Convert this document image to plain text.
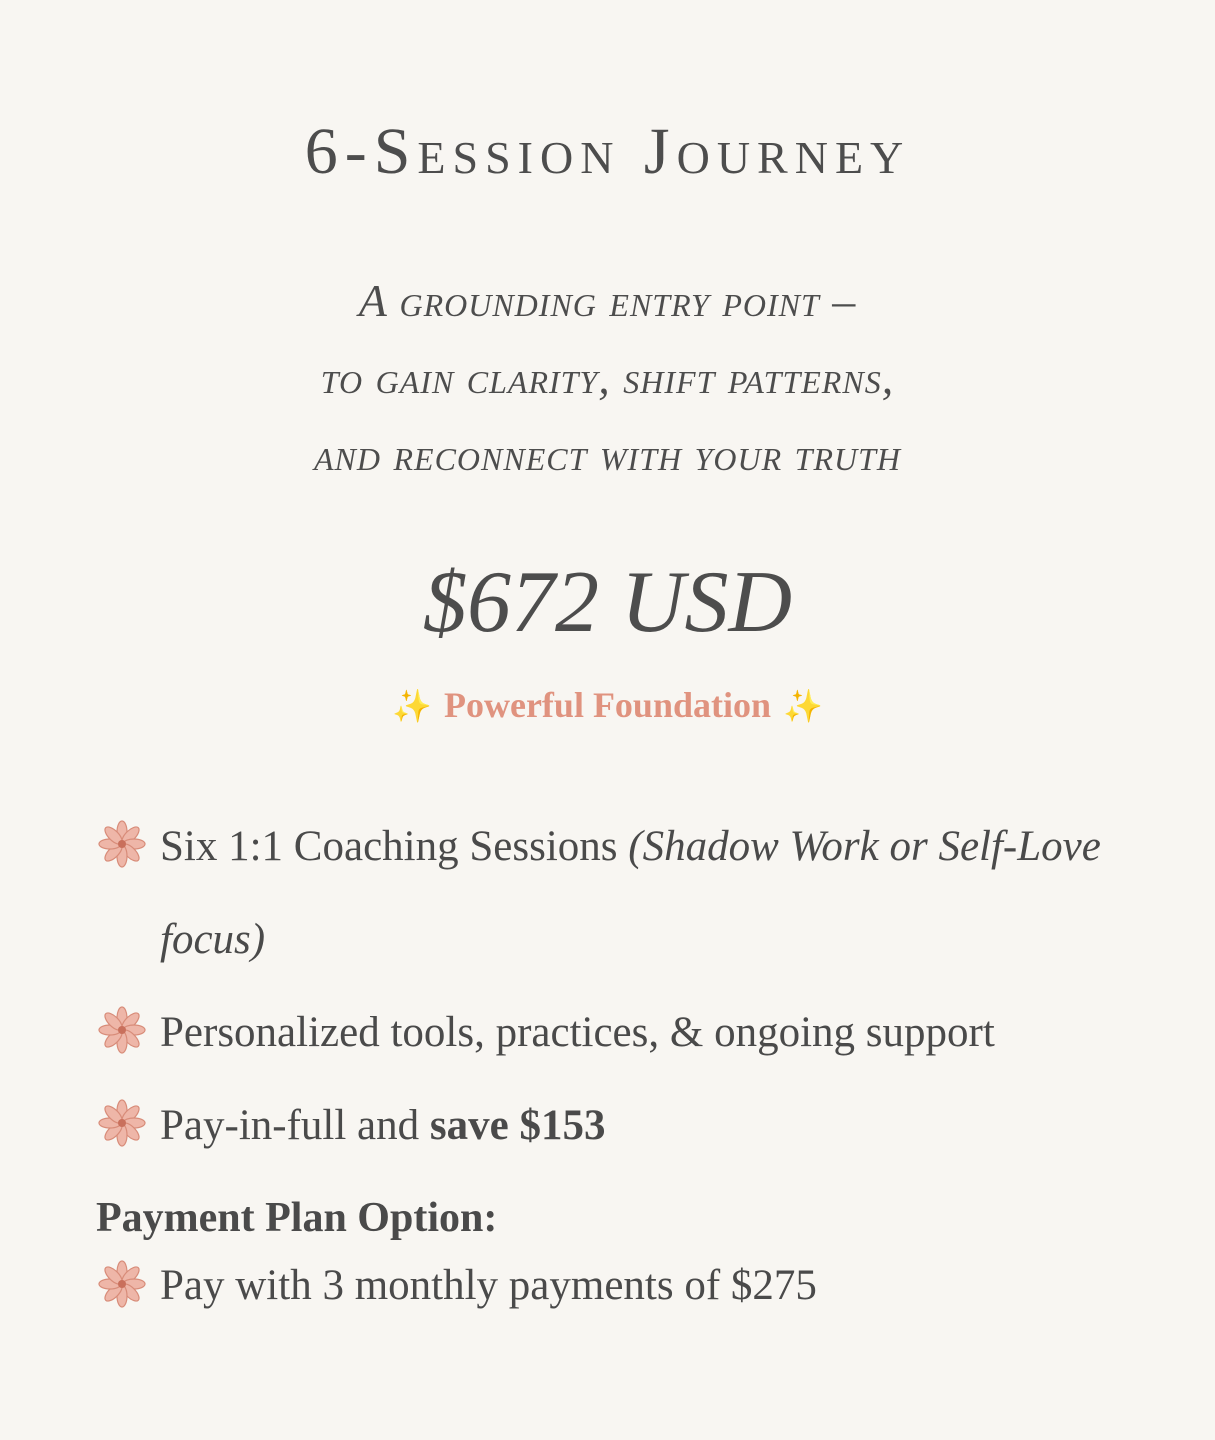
6-Session Journey
A grounding entry point –
to gain clarity, shift patterns,
and reconnect with your truth
$672 USD
✨ Powerful Foundation ✨
Six 1:1 Coaching Sessions (Shadow Work or Self-Love focus)
Personalized tools, practices, & ongoing support
Pay-in-full and save $153
Payment Plan Option:
Pay with 3 monthly payments of $275
